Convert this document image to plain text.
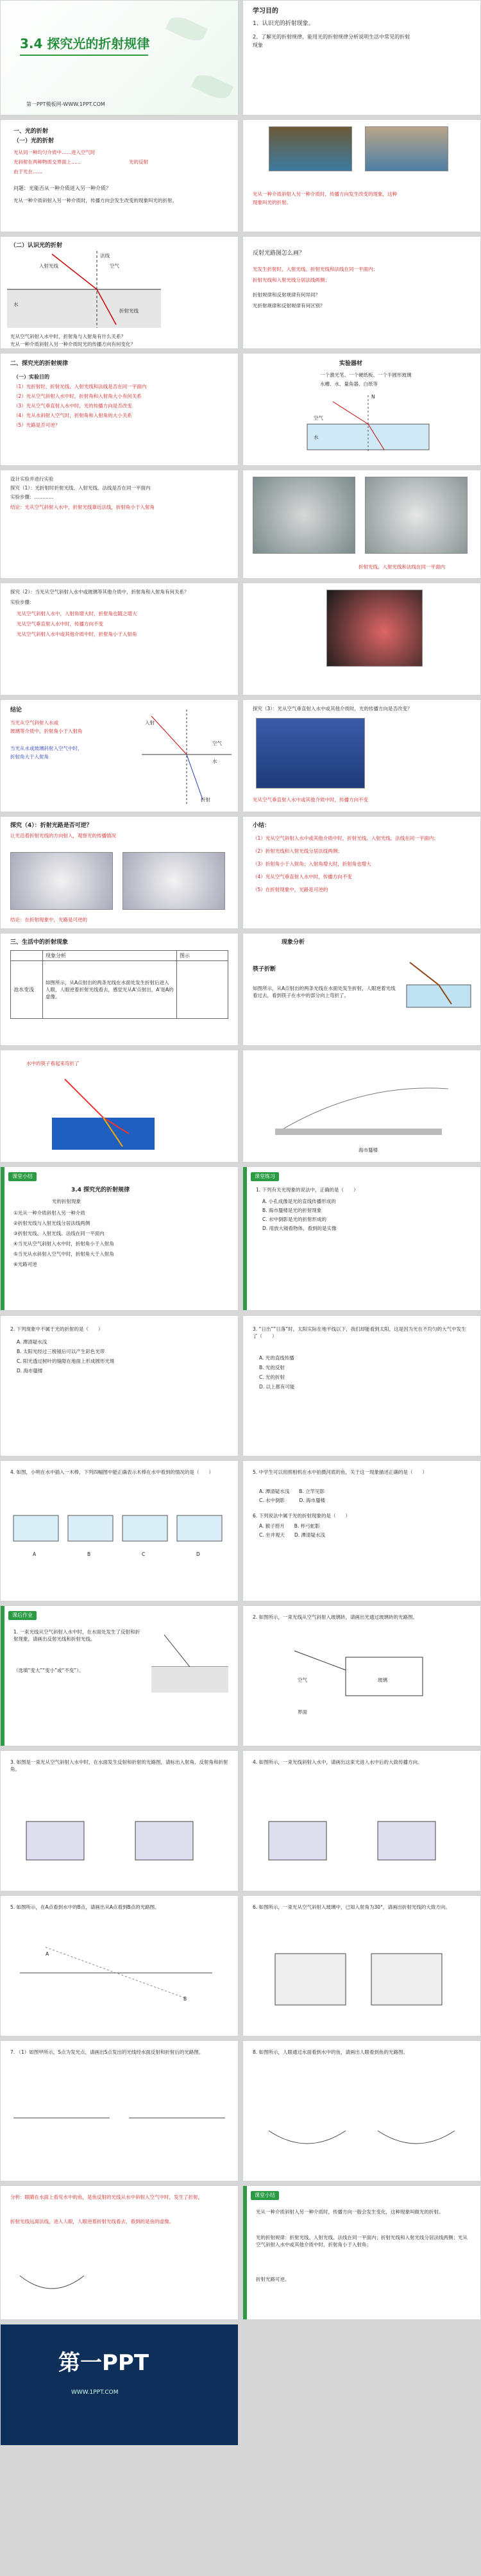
3.4 探究光的折射规律
第一PPT模板网-WWW.1PPT.COM
学习目的
1、认识光的折射现象。
2、了解光的折射规律，能用光的折射规律分析说明生活中常见的折射
现象
一、光的折射
（一）光的折射
光从同一种均匀介质中……进入空气时
光斜射在两种物质交界面上……	光的反射
由于光在……
问题：光能否从一种介质进入另一种介质？
光从一种介质斜射入另一种介质时，传播方向会发生改变的现象叫光的折射。
光从一种介质斜射入另一种介质时，传播方向发生改变的现象，这种
现象叫光的折射。
（二）认识光的折射
空气
法线
折射光线
入射光线
水
光从空气斜射入水中时，折射角与入射角有什么关系？
光从一种介质斜射入另一种介质时光的传播方向有何变化？
反射光路图怎么画？
光发生折射时，入射光线、折射光线和法线在同一平面内；
折射光线和入射光线分居法线两侧；
折射规律和反射规律有何异同？
光折射规律和反射规律有何区别？
二、探究光的折射规律
（一）实验目的
（1）光折射时，折射光线、入射光线和法线是否在同一平面内
（2）光从空气斜射入水中时，折射角和入射角大小有何关系
（3）光从空气垂直射入水中时，光的传播方向是否改变
（4）光从水斜射入空气时，折射角和入射角的大小关系
（5）光路是否可逆？
实验器材
一个激光笔、一个硬纸板、一个半圆形玻璃
水槽、水、量角器、白纸等
空气
水
N
设计实验并进行实验
探究（1）：光折射时折射光线、入射光线、法线是否在同一平面内
实验步骤：…………
结论：光从空气斜射入水中，折射光线靠近法线，折射角小于入射角
折射光线、入射光线和法线在同一平面内
探究（2）：当光从空气斜射入水中或玻璃等其他介质中，折射角和入射角有何关系？
实验步骤：
光从空气斜射入水中，入射角增大时，折射角也随之增大
光从空气垂直射入水中时，传播方向不变
光从空气斜射入水中或其他介质中时，折射角小于入射角
结论
当光从空气斜射入水或
玻璃等介质中，折射角小于入射角
当光从水或玻璃斜射入空气中时，
折射角大于入射角
空气
水
入射
折射
探究（3）：光从空气垂直射入水中或其他介质时，光的传播方向是否改变？
光从空气垂直射入水中或其他介质中时，传播方向不变
探究（4）：折射光路是否可逆？
让光沿着折射光线的方向射入，观察光的传播情况
结论：在折射现象中，光路是可逆的
小结：
（1）光从空气斜射入水中或其他介质中时，折射光线、入射光线、法线在同一平面内；
（2）折射光线和入射光线分居法线两侧；
（3）折射角小于入射角；入射角增大时，折射角也增大
（4）光从空气垂直射入水中时，传播方向不变
（5）在折射现象中，光路是可逆的
三、生活中的折射现象
	现象分析	图示
池水变浅	如图所示，从A点射出的两条光线在水面处发生折射后进入人眼，人眼逆着折射光线看去，感觉光从A'点射出，A'是A的虚像。	
现象分析
筷子折断
如图所示，从A点射出的两条光线在水面处发生折射，人眼逆着光线看过去，看到筷子在水中的部分向上弯折了。
水中的筷子看起来弯折了
海市蜃楼
课堂小结
3.4 探究光的折射规律
光的折射现象
①光从一种介质斜射入另一种介质
②折射光线与入射光线分居法线两侧
③折射光线、入射光线、法线在同一平面内
④当光从空气斜射入水中时，折射角小于入射角
⑤当光从水斜射入空气中时，折射角大于入射角
⑥光路可逆
课堂练习
1. 下列有关光现象的说法中，正确的是（　　）
A. 小孔成像是光的直线传播形成的
B. 海市蜃楼是光的折射现象
C. 水中倒影是光的折射形成的
D. 用放大镜看物体，看到的是实像
2. 下列现象中不属于光的折射的是（　　）
A. 潭清疑水浅
B. 太阳光经过三棱镜后可以产生彩色光带
C. 阳光透过树叶的缝隙在地面上形成圆形光斑
D. 海市蜃楼
3. “日出”“日落”时，太阳实际在地平线以下，我们却能看到太阳，这是因为光在不均匀的大气中发生了（　　）
A. 光的直线传播
B. 光的反射
C. 光的折射
D. 以上都有可能
4. 如图，小明在水中插入一木棒，下列四幅图中能正确表示木棒在水中看到的情况的是（　　）
A	B	C	D
5. 中学生可以用照相机在水中拍摄河底的鱼，关于这一现象描述正确的是（　　）
A. 潭清疑水浅　　B. 立竿见影
C. 水中倒影　　　D. 海市蜃楼
6. 下列说法中属于光的折射现象的是（　　）
A. 猴子捞月　　B. 杯弓蛇影
C. 坐井观天　　D. 潭清疑水浅
课后作业
1. 一束光线从空气斜射入水中时，在水面处发生了反射和折射现象，请画出反射光线和折射光线。
（选填“变大”“变小”或“不变”）。
2. 如图所示，一束光线从空气斜射入玻璃砖，请画出光通过玻璃砖的光路图。
空气	玻璃
界面
3. 如图是一束光从空气斜射入水中时，在水面发生反射和折射的光路图，请标出入射角、反射角和折射角。
4. 如图所示，一束光线斜射入水中，请画出这束光进入水中后的大致传播方向。
5. 如图所示，在A点看到水中的B点，请画出从A点看到B点的光路图。
A
B
6. 如图所示，一束光从空气斜射入玻璃中，已知入射角为30°，请画出折射光线的大致方向。
7. （1）如图甲所示，S点为发光点，请画出S点发出的光线经水面反射和折射后的光路图。	8. 如图所示，人眼通过水面看到水中的鱼，请画出人眼看到鱼的光路图。
分析：眼睛在水面上看见水中的鱼，是鱼反射的光线从水中斜射入空气中时，发生了折射，
折射光线远离法线，进入人眼，人眼逆着折射光线看去，看到的是鱼的虚像。
课堂小结
光从一种介质斜射入另一种介质时，传播方向一般会发生变化，这种现象叫做光的折射。
光的折射规律：折射光线、入射光线、法线在同一平面内；折射光线和入射光线分居法线两侧；光从空气斜射入水中或其他介质中时，折射角小于入射角；
折射光路可逆。
第一PPT
WWW.1PPT.COM
